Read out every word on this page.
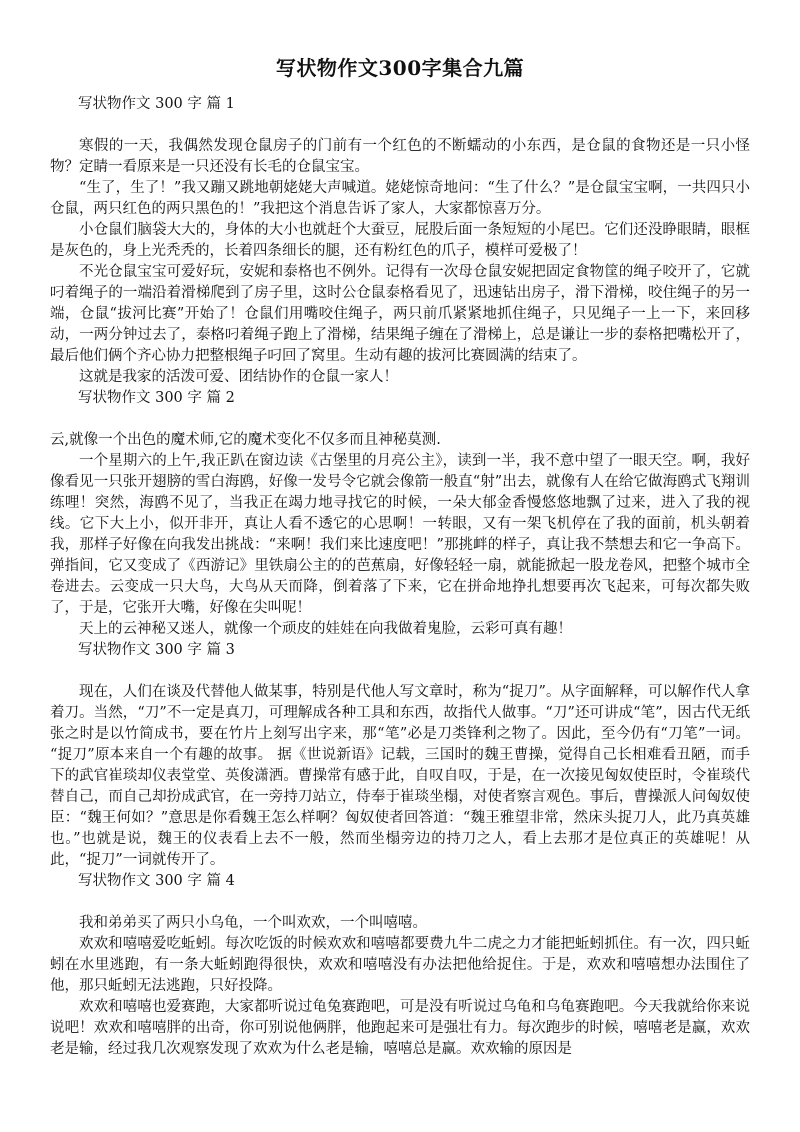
写状物作文300字集合九篇

写状物作文 300 字 篇 1

寒假的一天，我偶然发现仓鼠房子的门前有一个红色的不断蠕动的小东西，是仓鼠的食物还是一只小怪物？定睛一看原来是一只还没有长毛的仓鼠宝宝。

“生了，生了！”我又蹦又跳地朝姥姥大声喊道。姥姥惊奇地问：“生了什么？”是仓鼠宝宝啊，一共四只小仓鼠，两只红色的两只黑色的！”我把这个消息告诉了家人，大家都惊喜万分。

小仓鼠们脑袋大大的，身体的大小也就赶个大蚕豆，屁股后面一条短短的小尾巴。它们还没睁眼睛，眼框是灰色的，身上光秃秃的，长着四条细长的腿，还有粉红色的爪子，模样可爱极了！

不光仓鼠宝宝可爱好玩，安妮和泰格也不例外。记得有一次母仓鼠安妮把固定食物筐的绳子咬开了，它就叼着绳子的一端沿着滑梯爬到了房子里，这时公仓鼠泰格看见了，迅速钻出房子，滑下滑梯，咬住绳子的另一端，仓鼠“拔河比赛”开始了！仓鼠们用嘴咬住绳子，两只前爪紧紧地抓住绳子，只见绳子一上一下，来回移动，一两分钟过去了，泰格叼着绳子跑上了滑梯，结果绳子缠在了滑梯上，总是谦让一步的泰格把嘴松开了，最后他们俩个齐心协力把整根绳子叼回了窝里。生动有趣的拔河比赛圆满的结束了。

这就是我家的活泼可爱、团结协作的仓鼠一家人！

写状物作文 300 字 篇 2

云,就像一个出色的魔术师,它的魔术变化不仅多而且神秘莫测.

一个星期六的上午,我正趴在窗边读《古堡里的月亮公主》，读到一半，我不意中望了一眼天空。啊，我好像看见一只张开翅膀的雪白海鸥，好像一发号令它就会像箭一般直“射”出去，就像有人在给它做海鸥式飞翔训练哩！突然，海鸥不见了，当我正在竭力地寻找它的时候，一朵大郁金香慢悠悠地飘了过来，进入了我的视线。它下大上小，似开非开，真让人看不透它的心思啊！一转眼，又有一架飞机停在了我的面前，机头朝着我，那样子好像在向我发出挑战：“来啊！我们来比速度吧！”那挑衅的样子，真让我不禁想去和它一争高下。弹指间，它又变成了《西游记》里铁扇公主的的芭蕉扇，好像轻轻一扇，就能掀起一股龙卷风，把整个城市全卷进去。云变成一只大鸟，大鸟从天而降，倒着落了下来，它在拼命地挣扎想要再次飞起来，可每次都失败了，于是，它张开大嘴，好像在尖叫呢！

天上的云神秘又迷人，就像一个顽皮的娃娃在向我做着鬼脸，云彩可真有趣！

写状物作文 300 字 篇 3

现在，人们在谈及代替他人做某事，特别是代他人写文章时，称为“捉刀”。从字面解释，可以解作代人拿着刀。当然，“刀”不一定是真刀，可理解成各种工具和东西，故指代人做事。“刀”还可讲成“笔”，因古代无纸张之时是以竹简成书，要在竹片上刻写出字来，那“笔”必是刀类锋利之物了。因此，至今仍有“刀笔”一词。 “捉刀”原本来自一个有趣的故事。 据《世说新语》记载，三国时的魏王曹操，觉得自己长相难看丑陋，而手下的武官崔琰却仪表堂堂、英俊潇洒。曹操常有感于此，自叹自叹，于是，在一次接见匈奴使臣时，令崔琰代替自己，而自己却扮成武官，在一旁持刀站立，侍奉于崔琰坐榻，对使者察言观色。事后，曹操派人问匈奴使臣：“魏王何如？”意思是你看魏王怎么样啊？匈奴使者回答道：“魏王雅望非常，然床头捉刀人，此乃真英雄也。”也就是说，魏王的仪表看上去不一般，然而坐榻旁边的持刀之人，看上去那才是位真正的英雄呢！从此，“捉刀”一词就传开了。

写状物作文 300 字 篇 4

我和弟弟买了两只小乌龟，一个叫欢欢，一个叫嘻嘻。

欢欢和嘻嘻爱吃蚯蚓。每次吃饭的时候欢欢和嘻嘻都要费九牛二虎之力才能把蚯蚓抓住。有一次，四只蚯蚓在水里逃跑，有一条大蚯蚓跑得很快，欢欢和嘻嘻没有办法把他给捉住。于是，欢欢和嘻嘻想办法围住了他，那只蚯蚓无法逃跑，只好投降。

欢欢和嘻嘻也爱赛跑，大家都听说过龟兔赛跑吧，可是没有听说过乌龟和乌龟赛跑吧。今天我就给你来说说吧！欢欢和嘻嘻胖的出奇，你可别说他俩胖，他跑起来可是强壮有力。每次跑步的时候，嘻嘻老是赢，欢欢老是输，经过我几次观察发现了欢欢为什么老是输，嘻嘻总是赢。欢欢输的原因是
